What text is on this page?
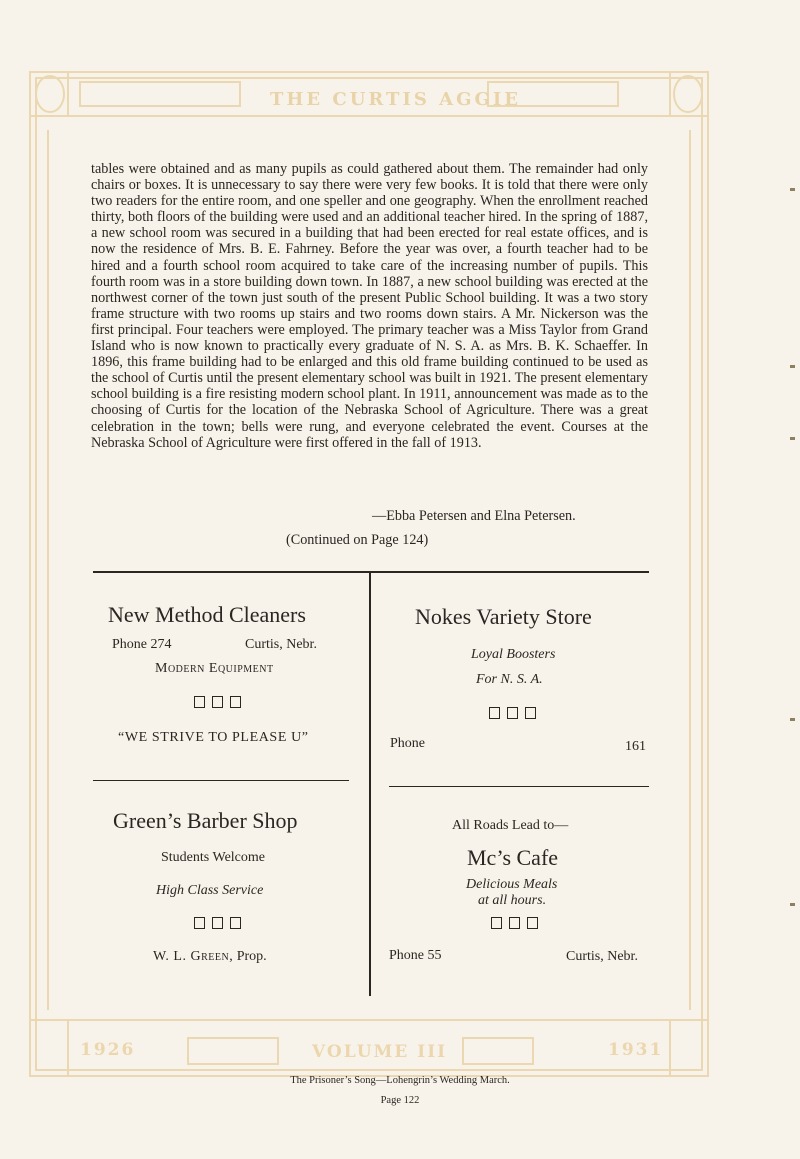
THE CURTIS AGGIE
1926	VOLUME III	1931

tables were obtained and as many pupils as could gathered about them. The remainder had only chairs or boxes. It is unnecessary to say there were very few books. It is told that there were only two readers for the entire room, and one speller and one geography. When the enrollment reached thirty, both floors of the building were used and an additional teacher hired. In the spring of 1887, a new school room was secured in a building that had been erected for real estate offices, and is now the residence of Mrs. B. E. Fahrney. Before the year was over, a fourth teacher had to be hired and a fourth school room acquired to take care of the increasing number of pupils. This fourth room was in a store building down town. In 1887, a new school building was erected at the northwest corner of the town just south of the present Public School building. It was a two story frame structure with two rooms up stairs and two rooms down stairs. A Mr. Nickerson was the first principal. Four teachers were employed. The primary teacher was a Miss Taylor from Grand Island who is now known to practically every graduate of N. S. A. as Mrs. B. K. Schaeffer. In 1896, this frame building had to be enlarged and this old frame building continued to be used as the school of Curtis until the present elementary school was built in 1921. The present elementary school building is a fire resisting modern school plant. In 1911, announcement was made as to the choosing of Curtis for the location of the Nebraska School of Agriculture. There was a great celebration in the town; bells were rung, and everyone celebrated the event. Courses at the Nebraska School of Agriculture were first offered in the fall of 1913.

—Ebba Petersen and Elna Petersen.
(Continued on Page 124)
New Method Cleaners
Phone 274	Curtis, Nebr.
Modern Equipment
“WE STRIVE TO PLEASE U”
Nokes Variety Store
Loyal Boosters
For N. S. A.
Phone	161
Green’s Barber Shop
Students Welcome
High Class Service
W. L. Green, Prop.
All Roads Lead to—
Mc’s Cafe
Delicious Meals
at all hours.
Phone 55	Curtis, Nebr.
The Prisoner’s Song—Lohengrin’s Wedding March.
Page 122
